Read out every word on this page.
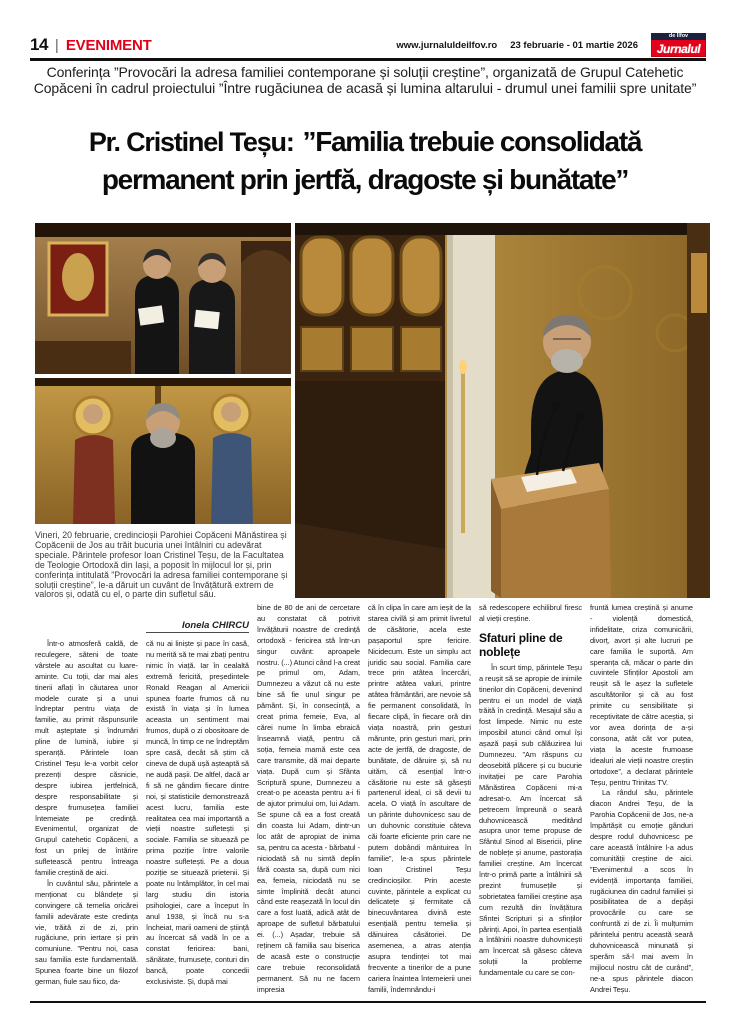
14 | EVENIMENT	www.jurnaluldeilfov.ro 23 februarie - 01 martie 2026
de Ilfov
Jurnalul

Conferința ”Provocări la adresa familiei contemporane și soluții creștine”, organizată de Grupul Catehetic Copăceni în cadrul proiectului ”Între rugăciunea de acasă și lumina altarului - drumul unei familii spre unitate”

Pr. Cristinel Teșu: ”Familia trebuie consolidată permanent prin jertfă, dragoste și bunătate”

Vineri, 20 februarie, credincioșii Parohiei Copăceni Mănăstirea și Copăcenii de Jos au trăit bucuria unei întâlniri cu adevărat speciale. Părintele profesor Ioan Cristinel Teșu, de la Facultatea de Teologie Ortodoxă din Iași, a poposit în mijlocul lor și, prin conferința intitulată ”Provocări la adresa familiei contemporane și soluții creștine”, le-a dăruit un cuvânt de învățătură extrem de valoros și, odată cu el, o parte din sufletul său.

Ionela CHIRCU

Într-o atmosferă caldă, de reculegere, săteni de toate vârstele au ascultat cu luare-aminte. Cu toții, dar mai ales tinerii aflați în căutarea unor modele curate și a unui îndreptar pentru viața de familie, au primit răspunsurile mult așteptate și îndrumări pline de lumină, iubire și speranță. Părintele Ioan Cristinel Teșu le-a vorbit celor prezenți despre căsnicie, despre iubirea jertfelnică, despre responsabilitate și despre frumusețea familiei întemeiate pe credință. Evenimentul, organizat de Grupul catehetic Copăceni, a fost un prilej de întărire sufletească pentru întreaga familie creștină de aici.

În cuvântul său, părintele a menționat cu blândețe și convingere că temelia oricărei familii adevărate este credința vie, trăită zi de zi, prin rugăciune, prin iertare și prin comuniune. ”Pentru noi, casa sau familia este fundamentală. Spunea foarte bine un filozof german, fiule sau fiico, da-

că nu ai liniște și pace în casă, nu merită să te mai zbați pentru nimic în viață. Iar în cealaltă extremă fericită, președintele Ronald Reagan al Americii spunea foarte frumos că nu există în viața și în lumea aceasta un sentiment mai frumos, după o zi obositoare de muncă, în timp ce ne îndreptăm spre casă, decât să știm că cineva de după ușă așteaptă să ne audă pașii. De altfel, dacă ar fi să ne gândim fiecare dintre noi, și statisticile demonstrează acest lucru, familia este realitatea cea mai importantă a vieții noastre sufletești și sociale. Familia se situează pe prima poziție între valorile noastre sufletești. Pe a doua poziție se situează prietenii. Și poate nu întâmplător, în cel mai larg studiu din istoria psihologiei, care a început în anul 1938, și încă nu s-a încheiat, marii oameni de știință au încercat să vadă în ce a constat fericirea: bani, sănătate, frumusețe, conturi din bancă, poate concedii exclusiviste. Și, după mai

bine de 80 de ani de cercetare au constatat că potrivit învățăturii noastre de credință ortodoxă - fericirea stă într-un singur cuvânt: aproapele nostru. (...) Atunci când l-a creat pe primul om, Adam, Dumnezeu a văzut că nu este bine să fie unul singur pe pământ. Și, în consecință, a creat prima femeie, Eva, al cărei nume în limba ebraică înseamnă viață, pentru că soția, femeia mamă este cea care transmite, dă mai departe viața. După cum și Sfânta Scriptură spune, Dumnezeu a creat-o pe aceasta pentru a-i fi de ajutor primului om, lui Adam. Se spune că ea a fost creată din coasta lui Adam, dintr-un loc atât de apropiat de inima sa, pentru ca acesta - bărbatul - niciodată să nu simtă deplin fără coasta sa, după cum nici ea, femeia, niciodată nu se simte împlinită decât atunci când este reașezată în locul din care a fost luată, adică atât de aproape de sufletul bărbatului ei. (...) Așadar, trebuie să reținem că familia sau biserica de acasă este o construcție care trebuie reconsolidată permanent. Să nu ne facem impresia

că în clipa în care am ieșit de la starea civilă și am primit livretul de căsătorie, acela este pașaportul spre fericire. Nicidecum. Este un simplu act juridic sau social. Familia care trece prin atâtea încercări, printre atâtea valuri, printre atâtea frământări, are nevoie să fie permanent consolidată, în fiecare clipă, în fiecare oră din viața noastră, prin gesturi mărunte, prin gesturi mari, prin acte de jertfă, de dragoste, de bunătate, de dăruire și, să nu uităm, că esențial într-o căsătorie nu este să găsești partenerul ideal, ci să devii tu acela. O viață în ascultare de un părinte duhovnicesc sau de un duhovnic constituie câteva căi foarte eficiente prin care ne putem dobândi mântuirea în familie”, le-a spus părintele Ioan Cristinel Teșu credincioșilor. Prin aceste cuvinte, părintele a explicat cu delicatețe și fermitate că binecuvântarea divină este esențială pentru temelia și dăinuirea căsătoriei. De asemenea, a atras atenția asupra tendinței tot mai frecvente a tinerilor de a pune cariera înaintea întemeierii unei familii, îndemnându-i

să redescopere echilibrul firesc al vieții creștine.

Sfaturi pline de noblețe

În scurt timp, părintele Teșu a reușit să se apropie de inimile tinerilor din Copăceni, devenind pentru ei un model de viață trăită în credință. Mesajul său a fost limpede. Nimic nu este imposibil atunci când omul își așază pașii sub călăuzirea lui Dumnezeu. ”Am răspuns cu deosebită plăcere și cu bucurie invitației pe care Parohia Mănăstirea Copăceni mi-a adresat-o. Am încercat să petrecem împreună o seară duhovnicească meditând asupra unor teme propuse de Sfântul Sinod al Bisericii, pline de noblețe și anume, pastorația familiei creștine. Am încercat într-o primă parte a întâlnirii să prezint frumusețile și sobrietatea familiei creștine așa cum rezultă din învățătura Sfintei Scripturi și a sfinților părinți. Apoi, în partea esențială a întâlnirii noastre duhovnicești am încercat să găsesc câteva soluții la probleme fundamentale cu care se con-

fruntă lumea creștină și anume - violență domestică, infidelitate, criza comunicării, divorț, avort și alte lucruri pe care familia le suportă. Am speranța că, măcar o parte din cuvintele Sfinților Apostoli am reușit să le așez la sufletele ascultătorilor și că au fost primite cu sensibilitate și receptivitate de către aceștia, și vor avea dorința de a-și consona, atât cât vor putea, viața la aceste frumoase idealuri ale vieții noastre creștin ortodoxe”, a declarat părintele Teșu, pentru Trinitas TV.

La rândul său, părintele diacon Andrei Teșu, de la Parohia Copăcenii de Jos, ne-a împărtășit cu emoție gânduri despre rodul duhovnicesc pe care această întâlnire l-a adus comunității creștine de aici. ”Evenimentul a scos în evidență importanța familiei, rugăciunea din cadrul familiei și posibilitatea de a depăși provocările cu care se confruntă zi de zi. Îi mulțumim părintelui pentru această seară duhovnicească minunată și sperăm să-l mai avem în mijlocul nostru cât de curând”, ne-a spus părintele diacon Andrei Teșu.
